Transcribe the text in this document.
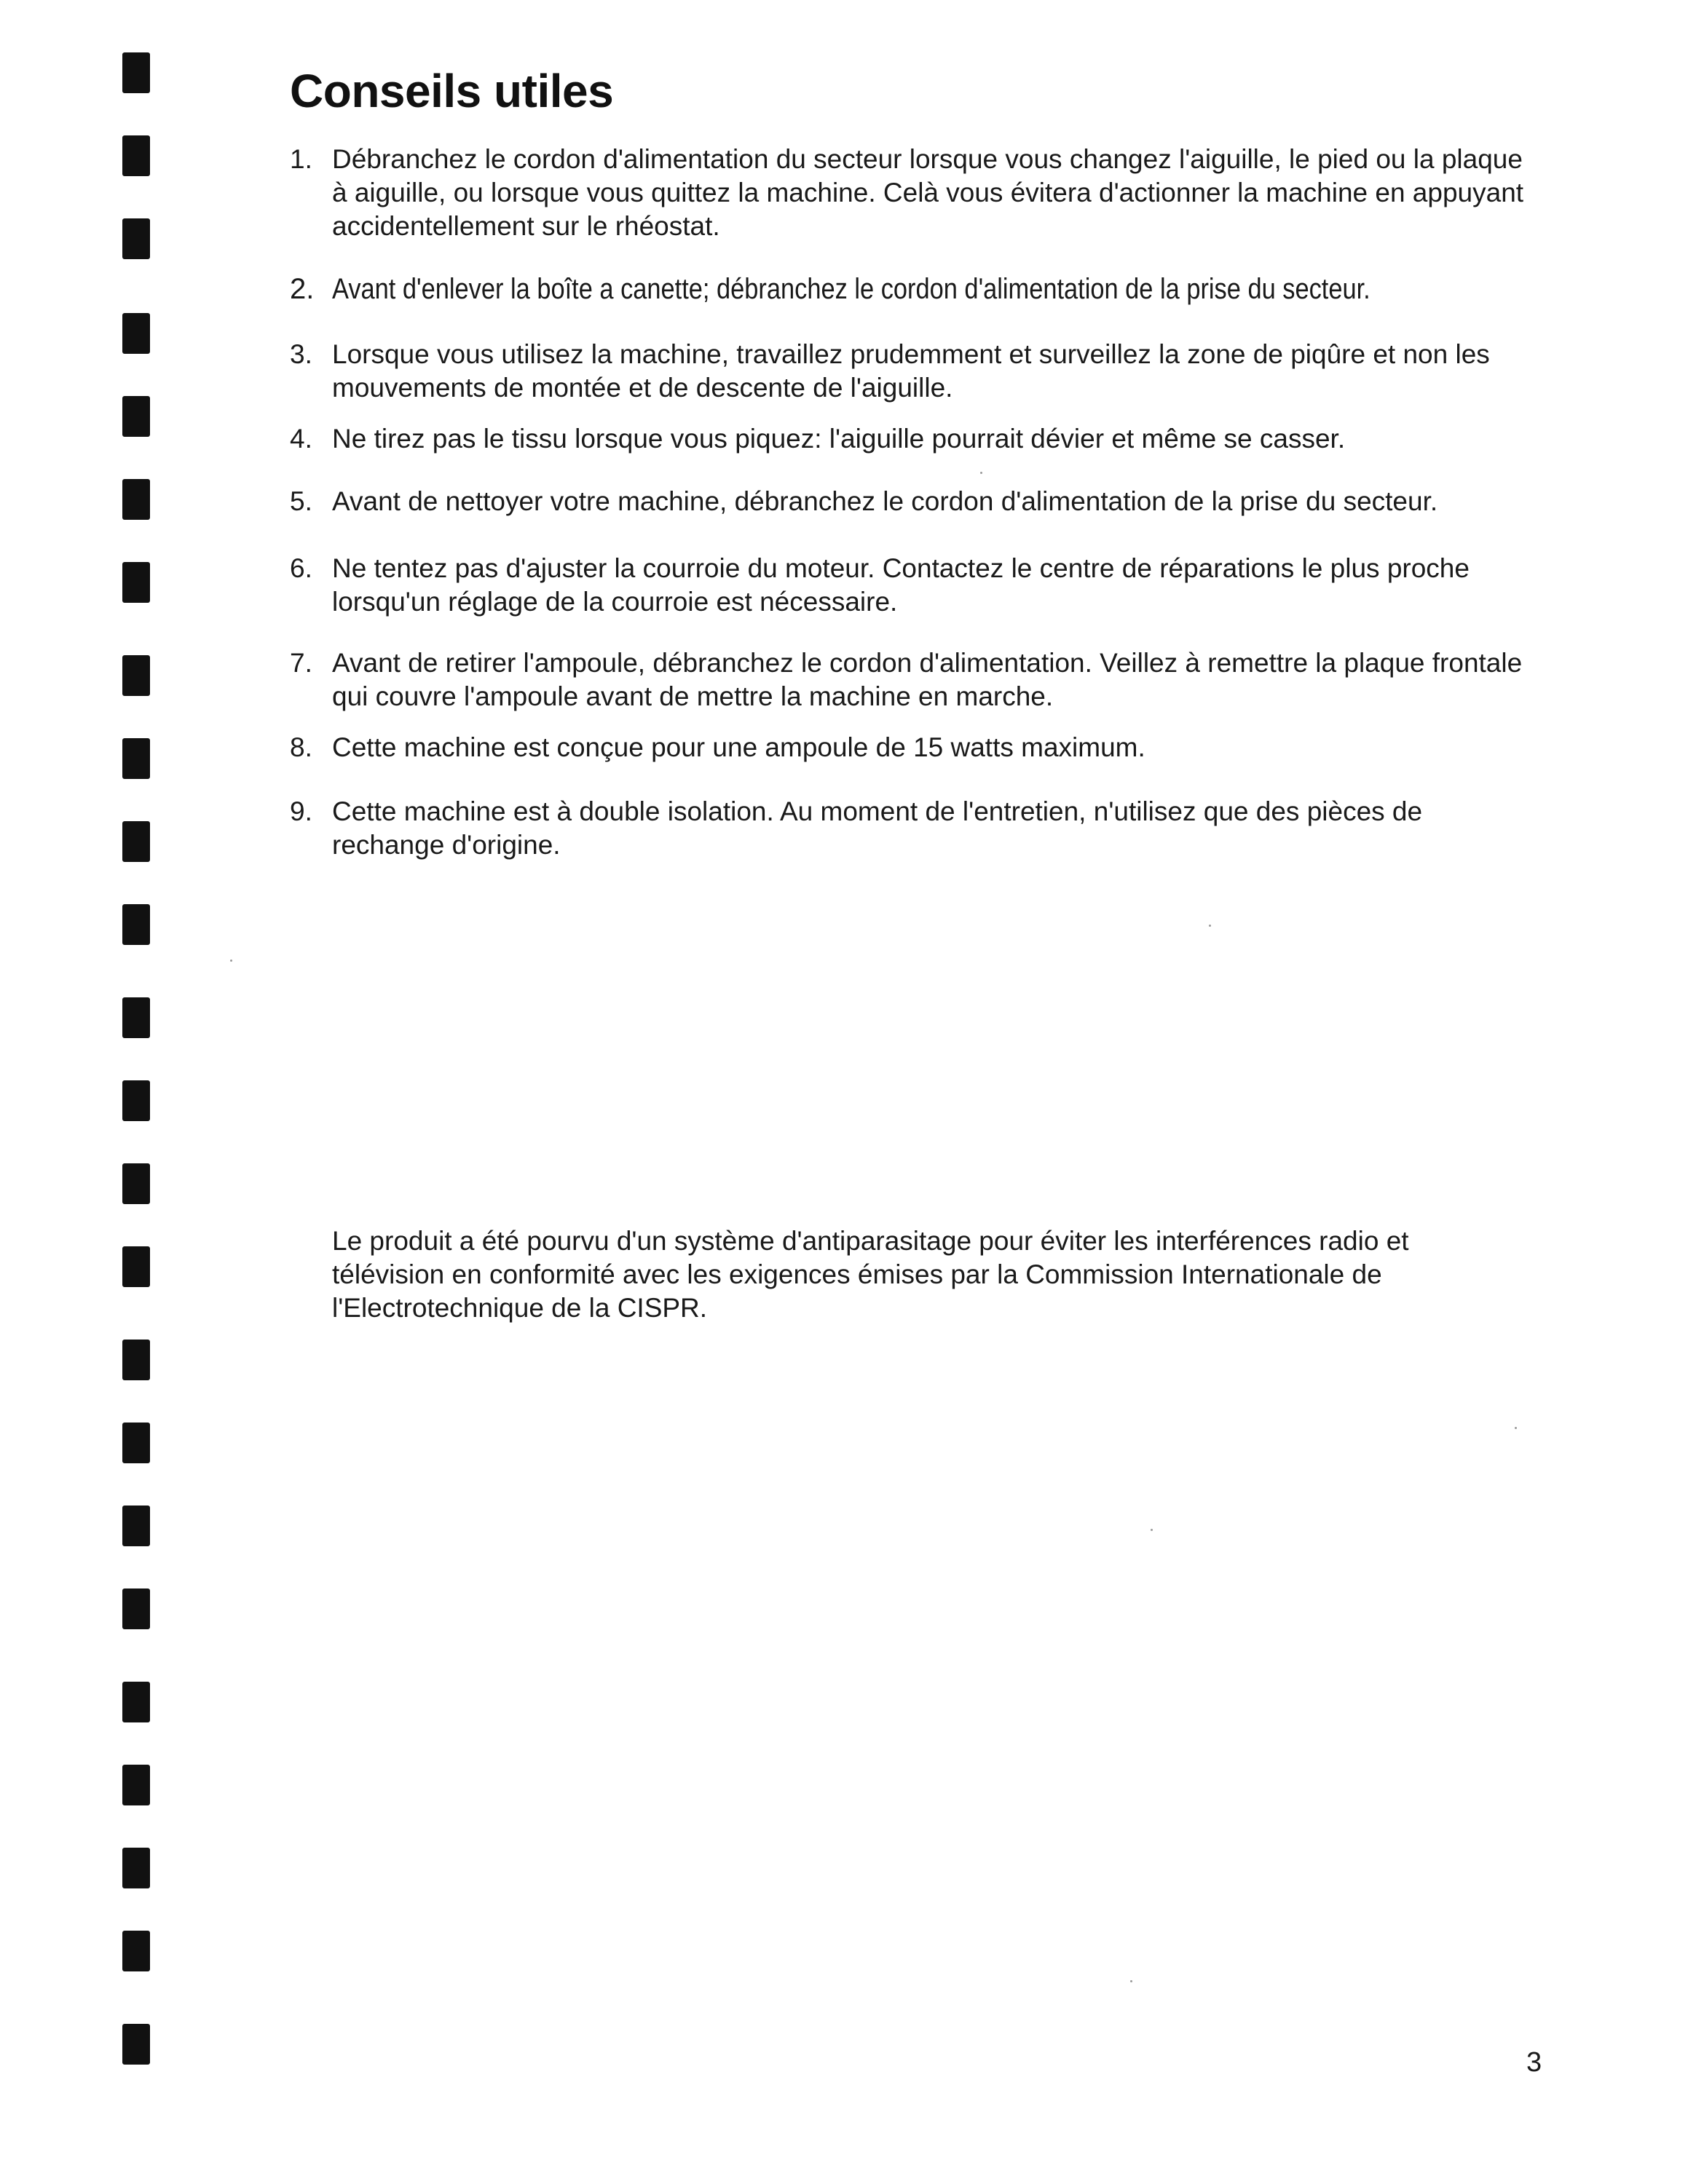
Conseils utiles
1. Débranchez le cordon d'alimentation du secteur lorsque vous changez l'aiguille, le pied ou la plaque à aiguille, ou lorsque vous quittez la machine. Celà vous évitera d'actionner la machine en appuyant accidentellement sur le rhéostat.
2. Avant d'enlever la boîte a canette; débranchez le cordon d'alimentation de la prise du secteur.
3. Lorsque vous utilisez la machine, travaillez prudemment et surveillez la zone de piqûre et non les mouvements de montée et de descente de l'aiguille.
4. Ne tirez pas le tissu lorsque vous piquez: l'aiguille pourrait dévier et même se casser.
5. Avant de nettoyer votre machine, débranchez le cordon d'alimentation de la prise du secteur.
6. Ne tentez pas d'ajuster la courroie du moteur. Contactez le centre de réparations le plus proche lorsqu'un réglage de la courroie est nécessaire.
7. Avant de retirer l'ampoule, débranchez le cordon d'alimentation. Veillez à remettre la plaque frontale qui couvre l'ampoule avant de mettre la machine en marche.
8. Cette machine est conçue pour une ampoule de 15 watts maximum.
9. Cette machine est à double isolation. Au moment de l'entretien, n'utilisez que des pièces de rechange d'origine.

Le produit a été pourvu d'un système d'antiparasitage pour éviter les interférences radio et télévision en conformité avec les exigences émises par la Commission Internationale de l'Electrotechnique de la CISPR.

3
